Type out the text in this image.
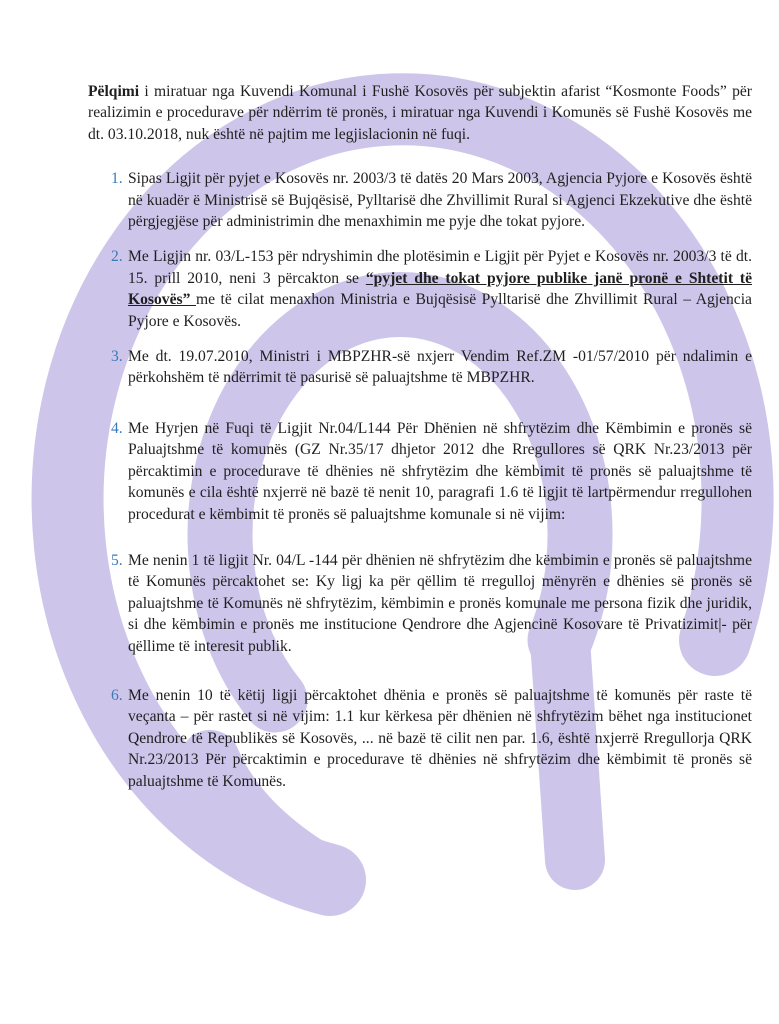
Pëlqimi i miratuar nga Kuvendi Komunal i Fushë Kosovës për subjektin afarist “Kosmonte Foods” për realizimin e procedurave për ndërrim të pronës, i miratuar nga Kuvendi i Komunës së Fushë Kosovës me dt. 03.10.2018, nuk është në pajtim me legjislacionin në fuqi.

1. Sipas Ligjit për pyjet e Kosovës nr. 2003/3 të datës 20 Mars 2003, Agjencia Pyjore e Kosovës është në kuadër ë Ministrisë së Bujqësisë, Pylltarisë dhe Zhvillimit Rural si Agjenci Ekzekutive dhe është përgjegjëse për administrimin dhe menaxhimin me pyje dhe tokat pyjore.
2. Me Ligjin nr. 03/L-153 për ndryshimin dhe plotësimin e Ligjit për Pyjet e Kosovës nr. 2003/3 të dt. 15. prill 2010, neni 3 përcakton se “pyjet dhe tokat pyjore publike janë pronë e Shtetit të Kosovës” me të cilat menaxhon Ministria e Bujqësisë Pylltarisë dhe Zhvillimit Rural – Agjencia Pyjore e Kosovës.
3. Me dt. 19.07.2010, Ministri i MBPZHR-së nxjerr Vendim Ref.ZM -01/57/2010 për ndalimin e përkohshëm të ndërrimit të pasurisë së paluajtshme të MBPZHR.
4. Me Hyrjen në Fuqi të Ligjit Nr.04/L144 Për Dhënien në shfrytëzim dhe Këmbimin e pronës së Paluajtshme të komunës (GZ Nr.35/17 dhjetor 2012 dhe Rregullores së QRK Nr.23/2013 për përcaktimin e procedurave të dhënies në shfrytëzim dhe këmbimit të pronës së paluajtshme të komunës e cila është nxjerrë në bazë të nenit 10, paragrafi 1.6 të ligjit të lartpërmendur rregullohen procedurat e këmbimit të pronës së paluajtshme komunale si në vijim:
5. Me nenin 1 të ligjit Nr. 04/L -144 për dhënien në shfrytëzim dhe këmbimin e pronës së paluajtshme të Komunës përcaktohet se: Ky ligj ka për qëllim të rregulloj mënyrën e dhënies së pronës së paluajtshme të Komunës në shfrytëzim, këmbimin e pronës komunale me persona fizik dhe juridik, si dhe këmbimin e pronës me institucione Qendrore dhe Agjencinë Kosovare të Privatizimit|- për qëllime të interesit publik.
6. Me nenin 10 të këtij ligji përcaktohet dhënia e pronës së paluajtshme të komunës për raste të veçanta – për rastet si në vijim: 1.1 kur kërkesa për dhënien në shfrytëzim bëhet nga institucionet Qendrore të Republikës së Kosovës, ... në bazë të cilit nen par. 1.6, është nxjerrë Rregullorja QRK Nr.23/2013 Për përcaktimin e procedurave të dhënies në shfrytëzim dhe këmbimit të pronës së paluajtshme të Komunës.
